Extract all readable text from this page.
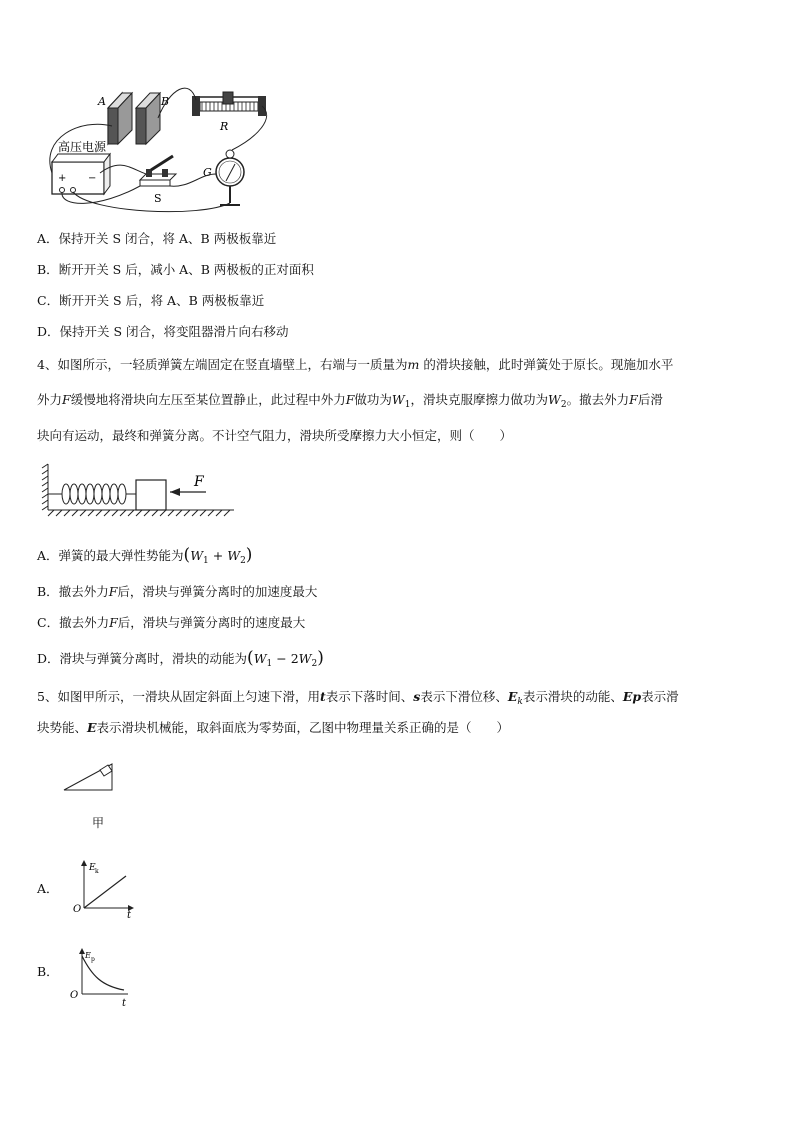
A	B
R
高压电源
+ −
S
G
A．保持开关 S 闭合，将 A、B 两极板靠近
B．断开开关 S 后，减小 A、B 两极板的正对面积
C．断开开关 S 后，将 A、B 两极板靠近
D．保持开关 S 闭合，将变阻器滑片向右移动
4、如图所示，一轻质弹簧左端固定在竖直墙壁上，右端与一质量为m 的滑块接触，此时弹簧处于原长。现施加水平
外力F缓慢地将滑块向左压至某位置静止，此过程中外力F做功为$W_1$，滑块克服摩擦力做功为$W_2$。撤去外力F后滑
块向有运动，最终和弹簧分离。不计空气阻力，滑块所受摩擦力大小恒定，则（　　）
F
A．弹簧的最大弹性势能为$(W_1 + W_2)$
B．撤去外力F后，滑块与弹簧分离时的加速度最大
C．撤去外力F后，滑块与弹簧分离时的速度最大
D．滑块与弹簧分离时，滑块的动能为$(W_1 - 2W_2)$
5、如图甲所示，一滑块从固定斜面上匀速下滑，用t表示下落时间、s表示下滑位移、$E_k$表示滑块的动能、Ep表示滑
块势能、E表示滑块机械能，取斜面底为零势面，乙图中物理量关系正确的是（　　）
甲
A．
E k
O
t
B．
E p
O
t
